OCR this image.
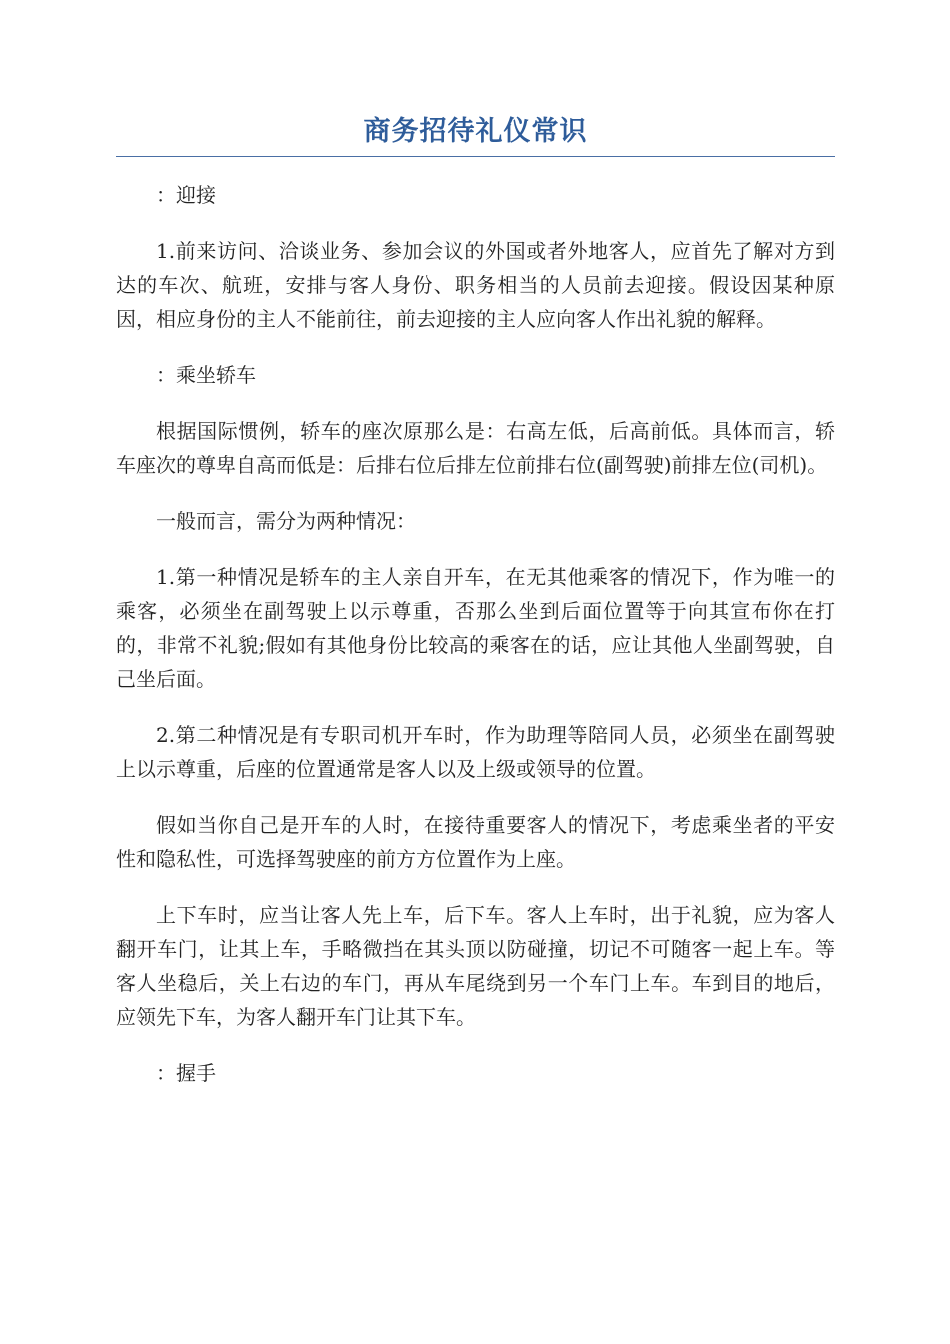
商务招待礼仪常识

：迎接

1.前来访问、洽谈业务、参加会议的外国或者外地客人，应首先了解对方到达的车次、航班，安排与客人身份、职务相当的人员前去迎接。假设因某种原因，相应身份的主人不能前往，前去迎接的主人应向客人作出礼貌的解释。

：乘坐轿车

根据国际惯例，轿车的座次原那么是：右高左低，后高前低。具体而言，轿车座次的尊卑自高而低是：后排右位后排左位前排右位(副驾驶)前排左位(司机)。

一般而言，需分为两种情况：

1.第一种情况是轿车的主人亲自开车，在无其他乘客的情况下，作为唯一的乘客，必须坐在副驾驶上以示尊重，否那么坐到后面位置等于向其宣布你在打的，非常不礼貌;假如有其他身份比较高的乘客在的话，应让其他人坐副驾驶，自己坐后面。

2.第二种情况是有专职司机开车时，作为助理等陪同人员，必须坐在副驾驶上以示尊重，后座的位置通常是客人以及上级或领导的位置。

假如当你自己是开车的人时，在接待重要客人的情况下，考虑乘坐者的平安性和隐私性，可选择驾驶座的前方方位置作为上座。

上下车时，应当让客人先上车，后下车。客人上车时，出于礼貌，应为客人翻开车门，让其上车，手略微挡在其头顶以防碰撞，切记不可随客一起上车。等客人坐稳后，关上右边的车门，再从车尾绕到另一个车门上车。车到目的地后，应领先下车，为客人翻开车门让其下车。

：握手
